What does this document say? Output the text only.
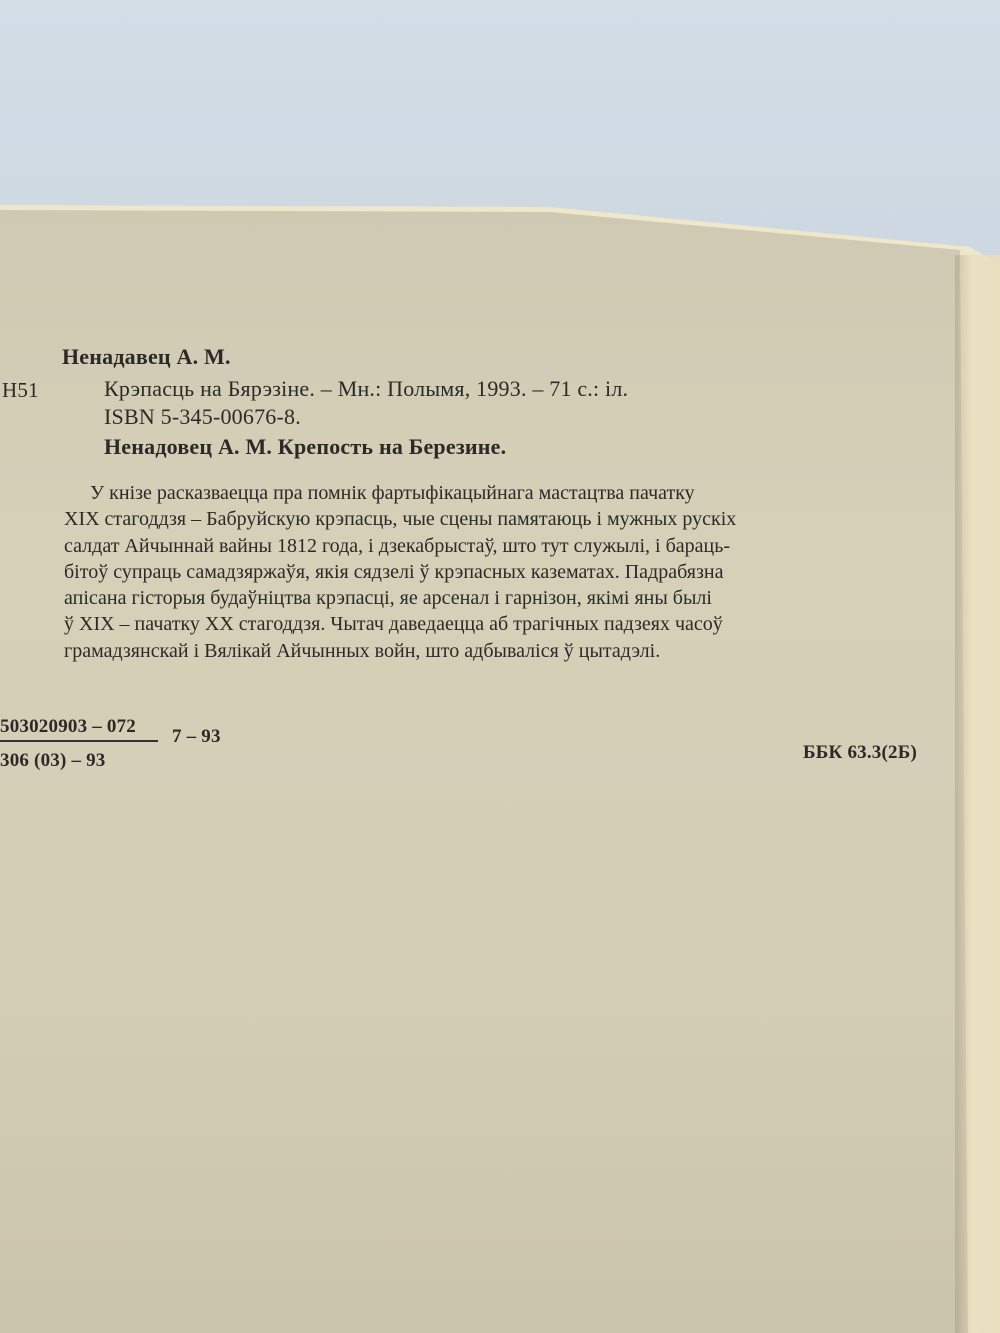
Ненадавец А. М.
Н51	Крэпасць на Бярэзіне. – Мн.: Полымя, 1993. – 71 с.: іл.
ISBN 5-345-00676-8.
Ненадовец А. М. Крепость на Березине.
У кнізе расказваецца пра помнік фартыфікацыйнага мастацтва пачатку
XIX стагоддзя – Бабруйскую крэпасць, чые сцены памятаюць і мужных рускіх
салдат Айчыннай вайны 1812 года, і дзекабрыстаў, што тут служылі, і бараць-
бітоў супраць самадзяржаўя, якія сядзелі ў крэпасных казематах. Падрабязна
апісана гісторыя будаўніцтва крэпасці, яе арсенал і гарнізон, якімі яны былі
ў XIX – пачатку XX стагоддзя. Чытач даведаецца аб трагічных падзеях часоў
грамадзянскай і Вялікай Айчынных войн, што адбываліся ў цытадэлі.
503020903 – 072
306 (03) – 93
7 – 93
ББК 63.3(2Б)
